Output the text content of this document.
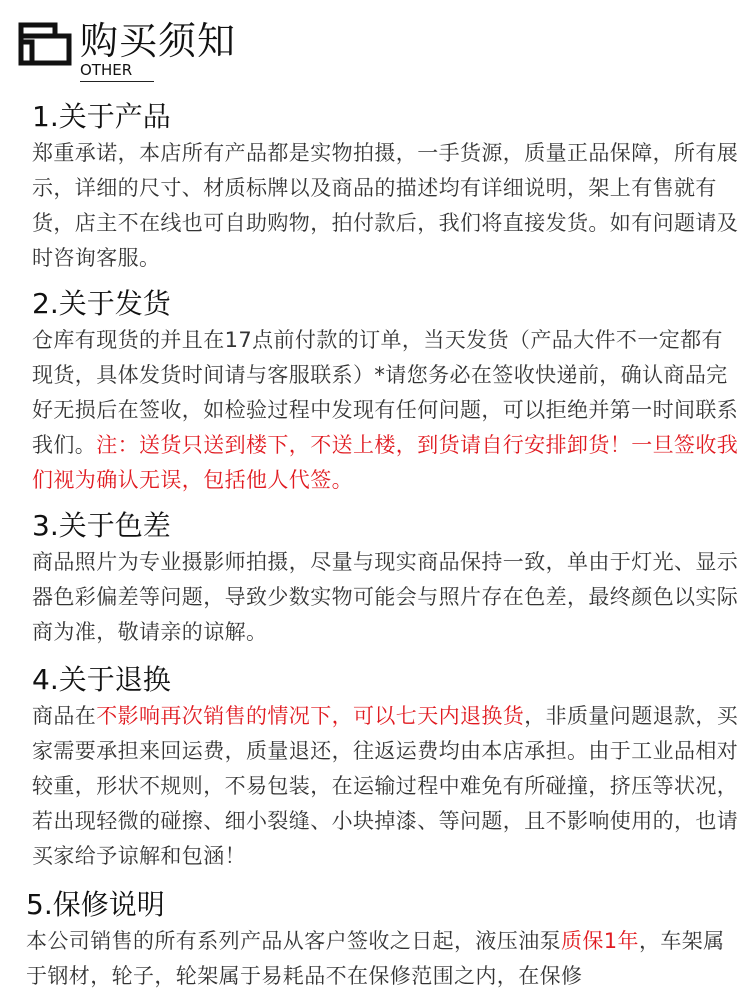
购买须知
OTHER
1.关于产品

郑重承诺，本店所有产品都是实物拍摄，一手货源，质量正品保障，所有展示，详细的尺寸、材质标牌以及商品的描述均有详细说明，架上有售就有货，店主不在线也可自助购物，拍付款后，我们将直接发货。如有问题请及时咨询客服。

2.关于发货

仓库有现货的并且在17点前付款的订单，当天发货（产品大件不一定都有现货，具体发货时间请与客服联系）*请您务必在签收快递前，确认商品完好无损后在签收，如检验过程中发现有任何问题，可以拒绝并第一时间联系我们。注：送货只送到楼下，不送上楼，到货请自行安排卸货！一旦签收我们视为确认无误，包括他人代签。

3.关于色差

商品照片为专业摄影师拍摄，尽量与现实商品保持一致，单由于灯光、显示器色彩偏差等问题，导致少数实物可能会与照片存在色差，最终颜色以实际商为准，敬请亲的谅解。

4.关于退换

商品在不影响再次销售的情况下，可以七天内退换货，非质量问题退款，买家需要承担来回运费，质量退还，往返运费均由本店承担。由于工业品相对较重，形状不规则，不易包装，在运输过程中难免有所碰撞，挤压等状况，若出现轻微的碰擦、细小裂缝、小块掉漆、等问题，且不影响使用的，也请买家给予谅解和包涵！

5.保修说明

本公司销售的所有系列产品从客户签收之日起，液压油泵质保1年，车架属于钢材，轮子，轮架属于易耗品不在保修范围之内，在保修
